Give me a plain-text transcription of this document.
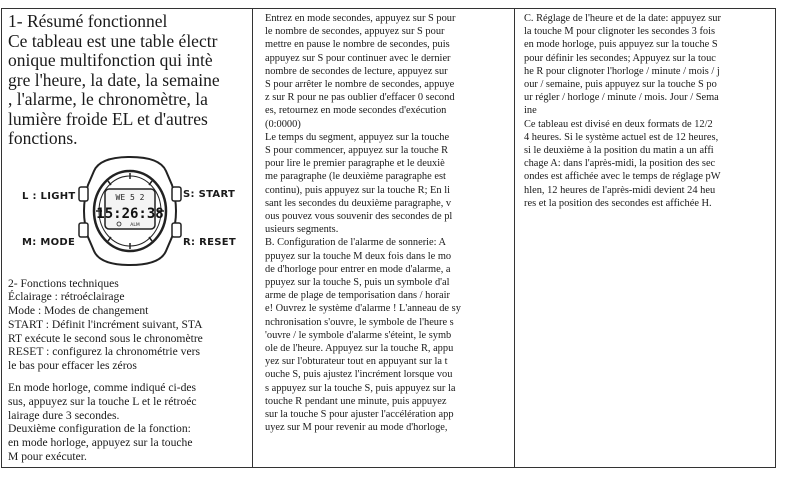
1- Résumé fonctionnel
Ce tableau est une table électr
onique multifonction qui intè
gre l'heure, la date, la semaine
, l'alarme, le chronomètre, la
lumière froide EL et d'autres
fonctions.

WE 5 2
15:26:38
ALM
L : LIGHT	S: START
M: MODE	R: RESET

2- Fonctions techniques
Éclairage : rétroéclairage
Mode : Modes de changement
START : Définit l'incrément suivant, STA
RT exécute le second sous le chronomètre
RESET : configurez la chronométrie vers
le bas pour effacer les zéros

En mode horloge, comme indiqué ci-des
sus, appuyez sur la touche L et le rétroéc
lairage dure 3 secondes.
Deuxième configuration de la fonction:
en mode horloge, appuyez sur la touche
M pour exécuter.

Entrez en mode secondes, appuyez sur S pour
le nombre de secondes, appuyez sur S pour
mettre en pause le nombre de secondes, puis
appuyez sur S pour continuer avec le dernier
nombre de secondes de lecture, appuyez sur
S pour arrêter le nombre de secondes, appuye
z sur R pour ne pas oublier d'effacer 0 second
es, retournez en mode secondes d'exécution
(0:0000)
Le temps du segment, appuyez sur la touche
S pour commencer, appuyez sur la touche R
pour lire le premier paragraphe et le deuxiè
me paragraphe (le deuxième paragraphe est
continu), puis appuyez sur la touche R; En li
sant les secondes du deuxième paragraphe, v
ous pouvez vous souvenir des secondes de pl
usieurs segments.
B. Configuration de l'alarme de sonnerie: A
ppuyez sur la touche M deux fois dans le mo
de d'horloge pour entrer en mode d'alarme, a
ppuyez sur la touche S, puis un symbole d'al
arme de plage de temporisation dans / horair
e! Ouvrez le système d'alarme ! L'anneau de sy
nchronisation s'ouvre, le symbole de l'heure s
'ouvre / le symbole d'alarme s'éteint, le symb
ole de l'heure. Appuyez sur la touche R, appu
yez sur l'obturateur tout en appuyant sur la t
ouche S, puis ajustez l'incrément lorsque vou
s appuyez sur la touche S, puis appuyez sur la
touche R pendant une minute, puis appuyez
sur la touche S pour ajuster l'accélération app
uyez sur M pour revenir au mode d'horloge,

C. Réglage de l'heure et de la date: appuyez sur
la touche M pour clignoter les secondes 3 fois
en mode horloge, puis appuyez sur la touche S
pour définir les secondes; Appuyez sur la touc
he R pour clignoter l'horloge / minute / mois / j
our / semaine, puis appuyez sur la touche S po
ur régler / horloge / minute / mois. Jour / Sema
ine
Ce tableau est divisé en deux formats de 12/2
4 heures. Si le système actuel est de 12 heures,
si le deuxième à la position du matin a un affi
chage A: dans l'après-midi, la position des sec
ondes est affichée avec le temps de réglage pW
hlen, 12 heures de l'après-midi devient 24 heu
res et la position des secondes est affichée H.
